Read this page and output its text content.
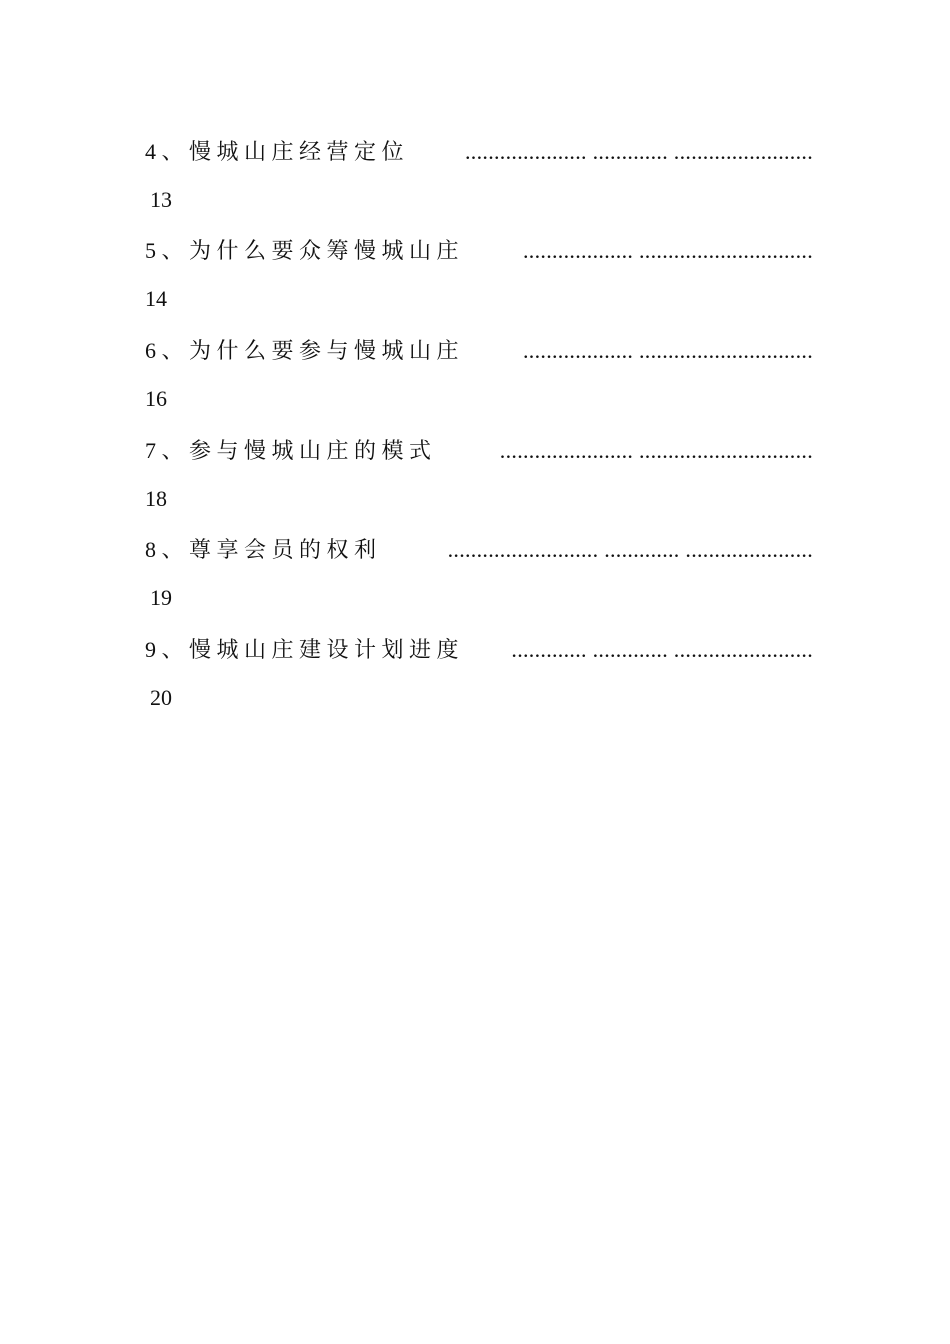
4、慢城山庄经营定位	..................... ............. ........................
13
5、为什么要众筹慢城山庄	................... ..............................
14
6、为什么要参与慢城山庄	................... ..............................
16
7、参与慢城山庄的模式	....................... ..............................
18
8、尊享会员的权利	.......................... ............. ......................
19
9、慢城山庄建设计划进度 ............. ............. ........................
20
